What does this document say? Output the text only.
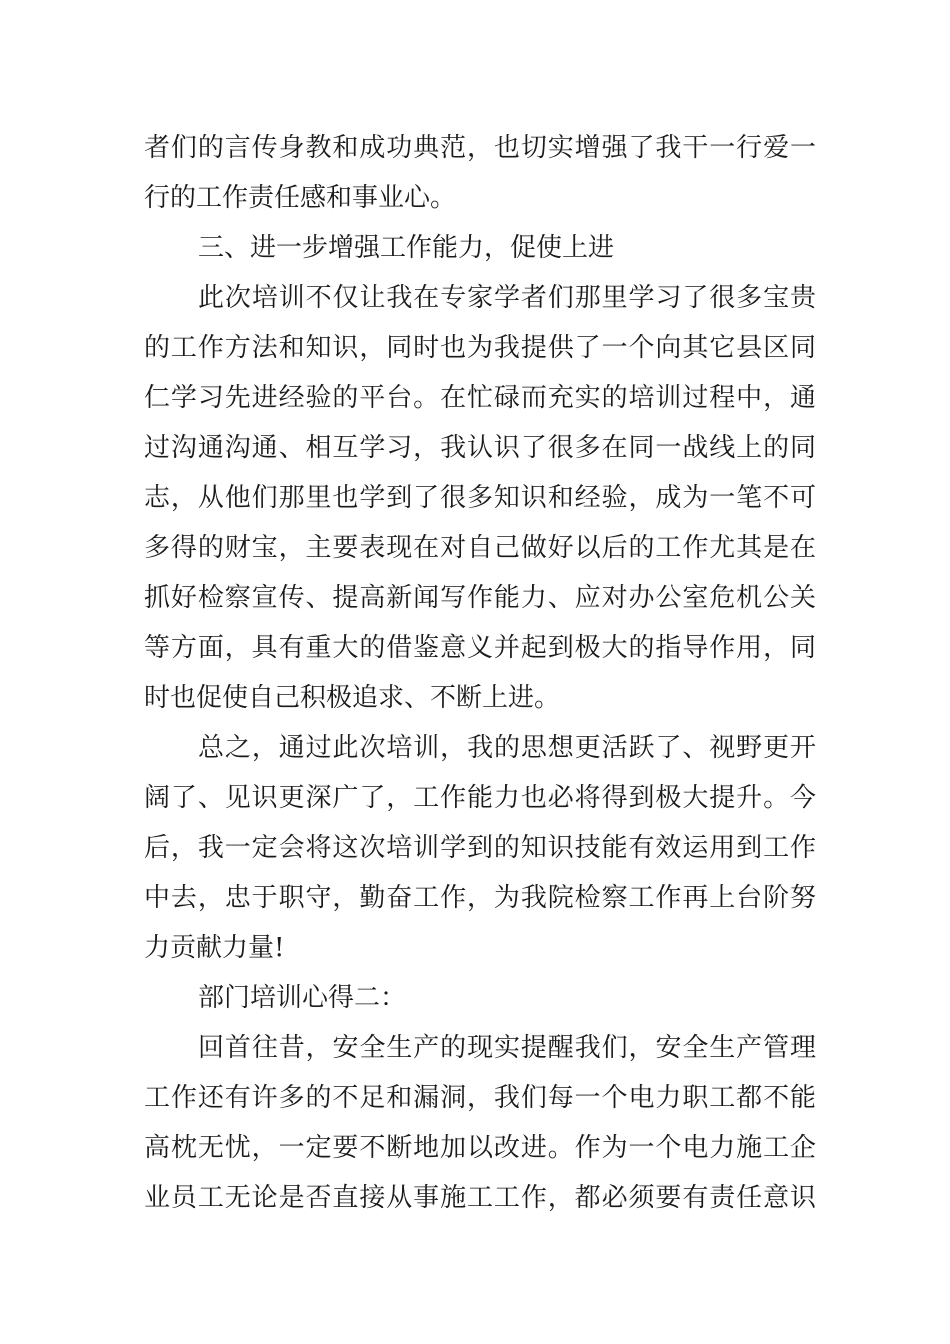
者们的言传身教和成功典范，也切实增强了我干一行爱一
行的工作责任感和事业心。
三、进一步增强工作能力，促使上进
此次培训不仅让我在专家学者们那里学习了很多宝贵
的工作方法和知识，同时也为我提供了一个向其它县区同
仁学习先进经验的平台。在忙碌而充实的培训过程中，通
过沟通沟通、相互学习，我认识了很多在同一战线上的同
志，从他们那里也学到了很多知识和经验，成为一笔不可
多得的财宝，主要表现在对自己做好以后的工作尤其是在
抓好检察宣传、提高新闻写作能力、应对办公室危机公关
等方面，具有重大的借鉴意义并起到极大的指导作用，同
时也促使自己积极追求、不断上进。
总之，通过此次培训，我的思想更活跃了、视野更开
阔了、见识更深广了，工作能力也必将得到极大提升。今
后，我一定会将这次培训学到的知识技能有效运用到工作
中去，忠于职守，勤奋工作，为我院检察工作再上台阶努
力贡献力量!
部门培训心得二：
回首往昔，安全生产的现实提醒我们，安全生产管理
工作还有许多的不足和漏洞，我们每一个电力职工都不能
高枕无忧，一定要不断地加以改进。作为一个电力施工企
业员工无论是否直接从事施工工作，都必须要有责任意识
